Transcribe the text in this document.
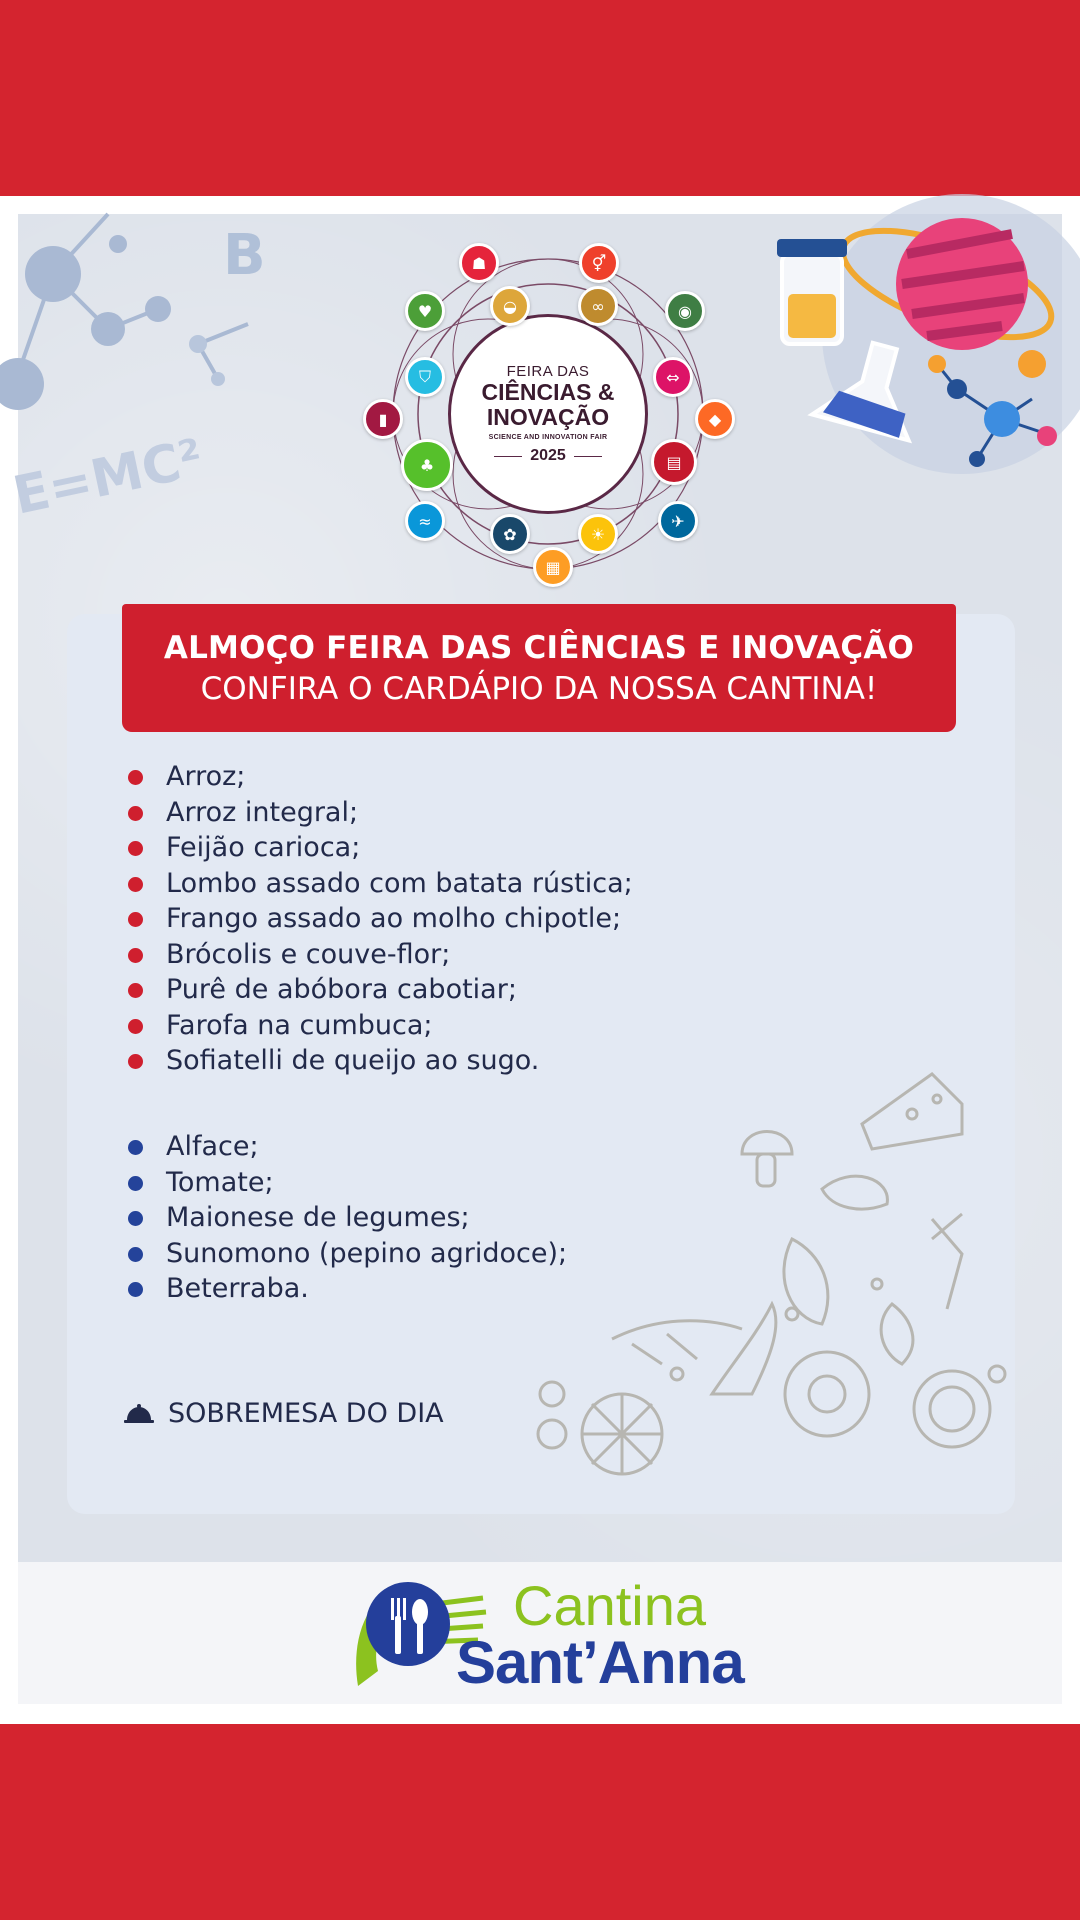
B
E=MC²
FEIRA DAS
CIÊNCIAS &
INOVAÇÃO
SCIENCE AND INNOVATION FAIR
2025
☗	⚥
♥	◒	∞	◉
⛉	⇔
▮	◆
♣	▤
≈	✈
✿	☀
▦
ALMOÇO FEIRA DAS CIÊNCIAS E INOVAÇÃO
CONFIRA O CARDÁPIO DA NOSSA CANTINA!
Arroz;
Arroz integral;
Feijão carioca;
Lombo assado com batata rústica;
Frango assado ao molho chipotle;
Brócolis e couve-flor;
Purê de abóbora cabotiar;
Farofa na cumbuca;
Sofiatelli de queijo ao sugo.
Alface;
Tomate;
Maionese de legumes;
Sunomono (pepino agridoce);
Beterraba.
SOBREMESA DO DIA
Cantina
Sant’Anna
